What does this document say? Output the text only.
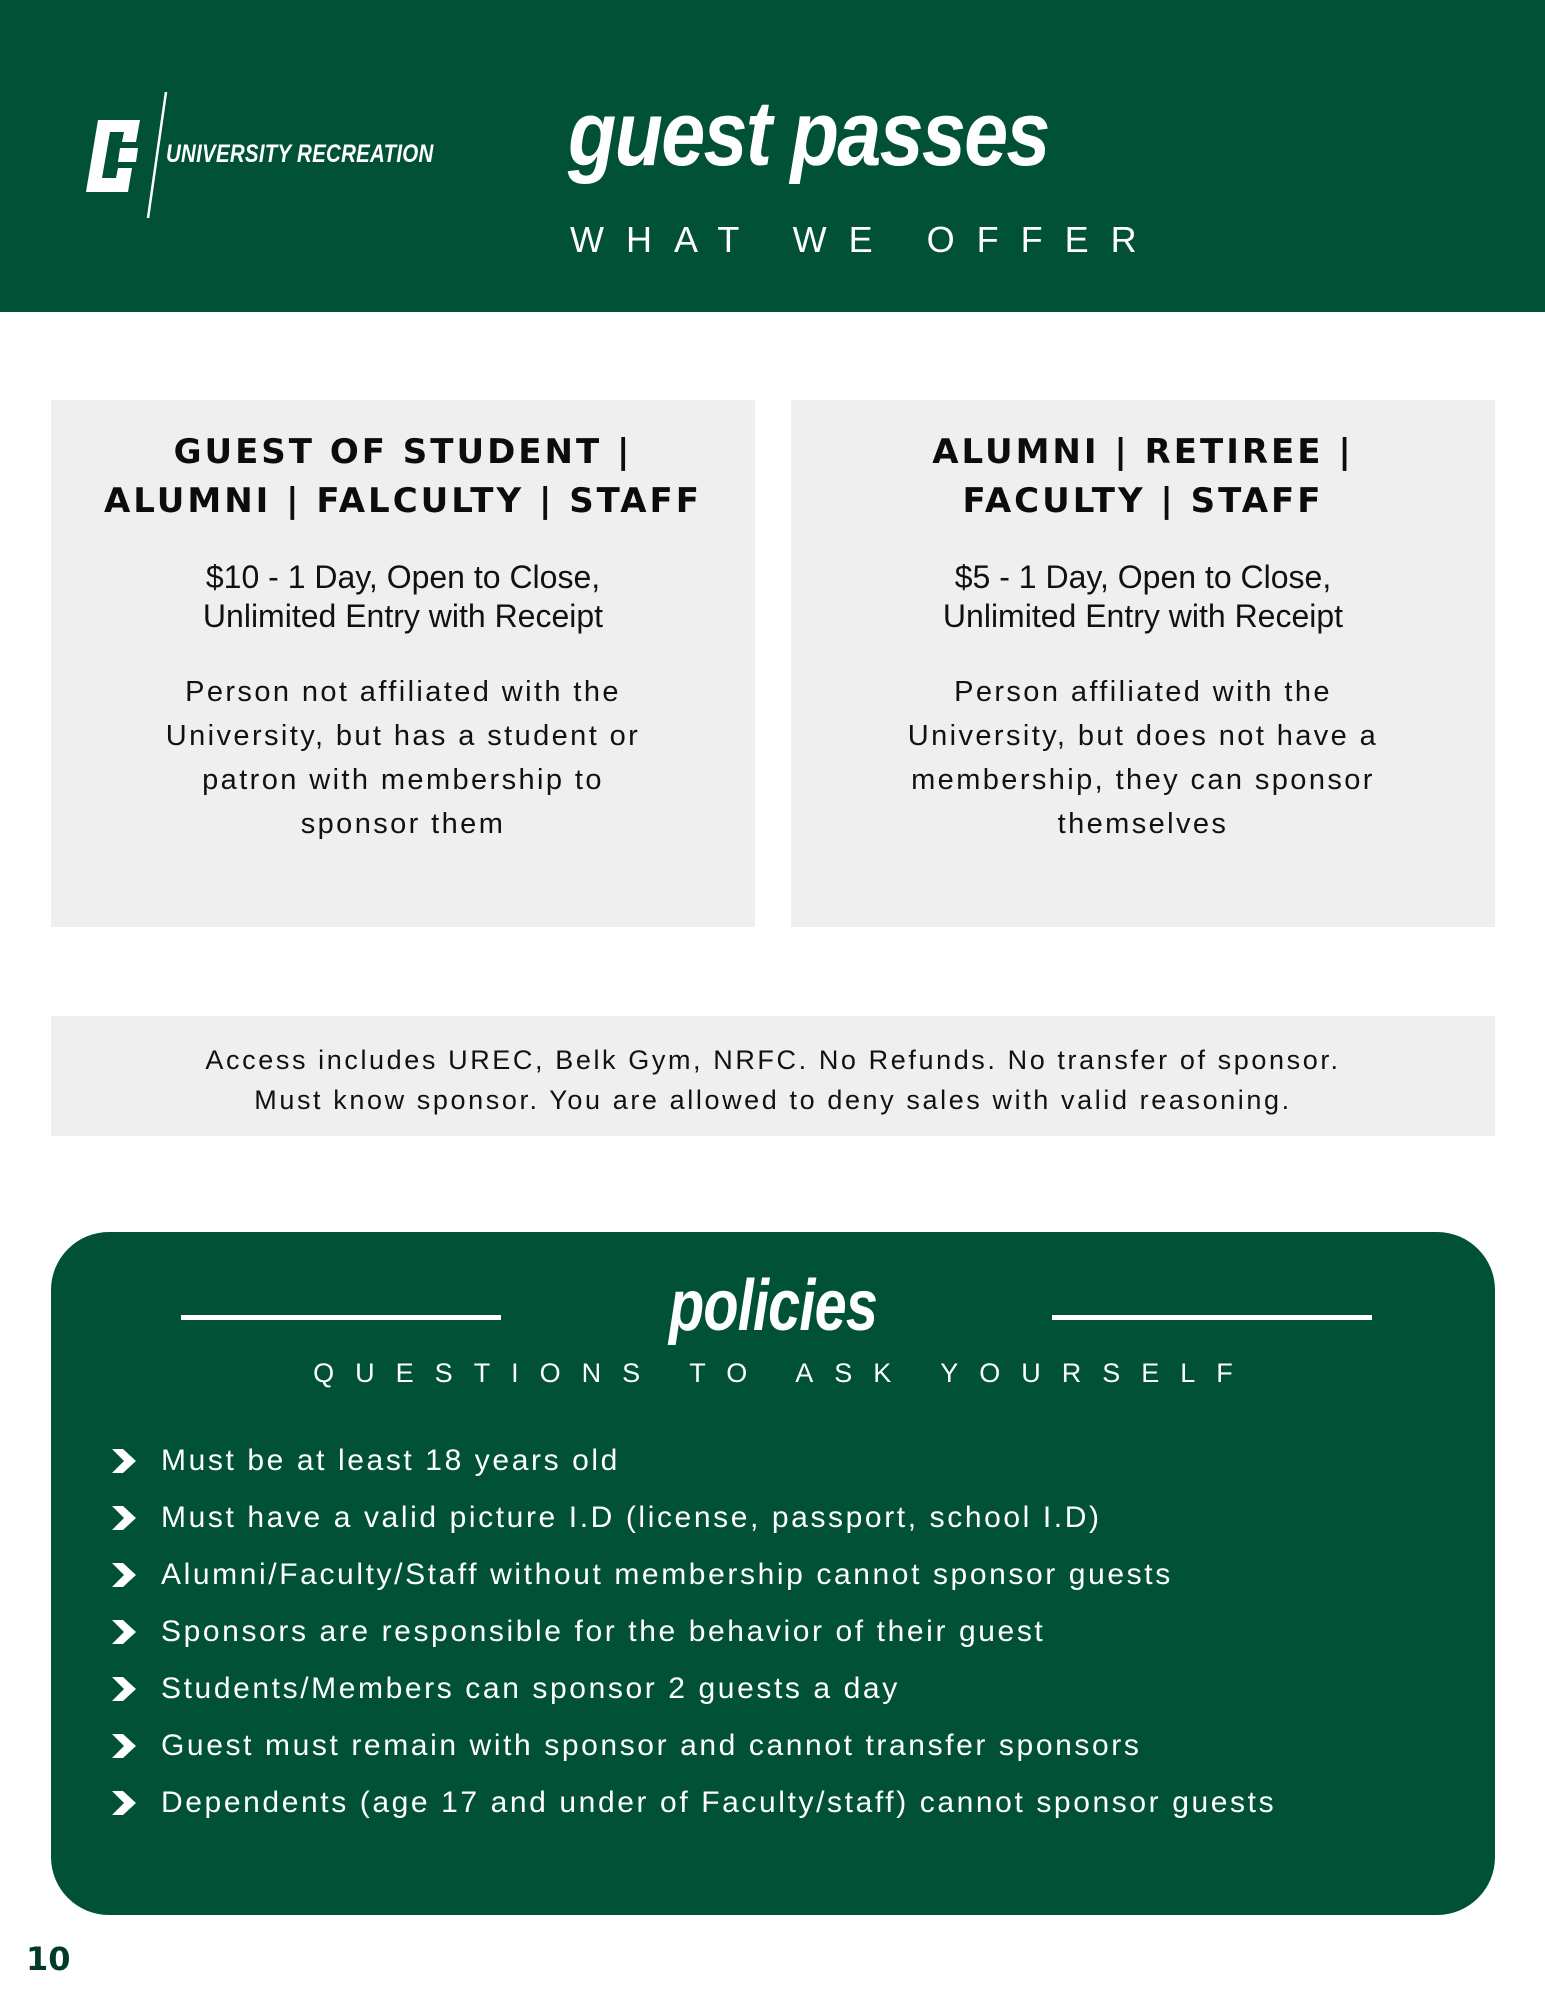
UNIVERSITY RECREATION guest passes
WHAT WE OFFER
GUEST OF STUDENT |
ALUMNI | FALCULTY | STAFF
$10 - 1 Day, Open to Close,
Unlimited Entry with Receipt
Person not affiliated with the
University, but has a student or
patron with membership to
sponsor them
ALUMNI | RETIREE |
FACULTY | STAFF
$5 - 1 Day, Open to Close,
Unlimited Entry with Receipt
Person affiliated with the
University, but does not have a
membership, they can sponsor
themselves
Access includes UREC, Belk Gym, NRFC. No Refunds. No transfer of sponsor.
Must know sponsor. You are allowed to deny sales with valid reasoning.
policies
QUESTIONS TO ASK YOURSELF
Must be at least 18 years old
Must have a valid picture I.D (license, passport, school I.D)
Alumni/Faculty/Staff without membership cannot sponsor guests
Sponsors are responsible for the behavior of their guest
Students/Members can sponsor 2 guests a day
Guest must remain with sponsor and cannot transfer sponsors
Dependents (age 17 and under of Faculty/staff) cannot sponsor guests
10
